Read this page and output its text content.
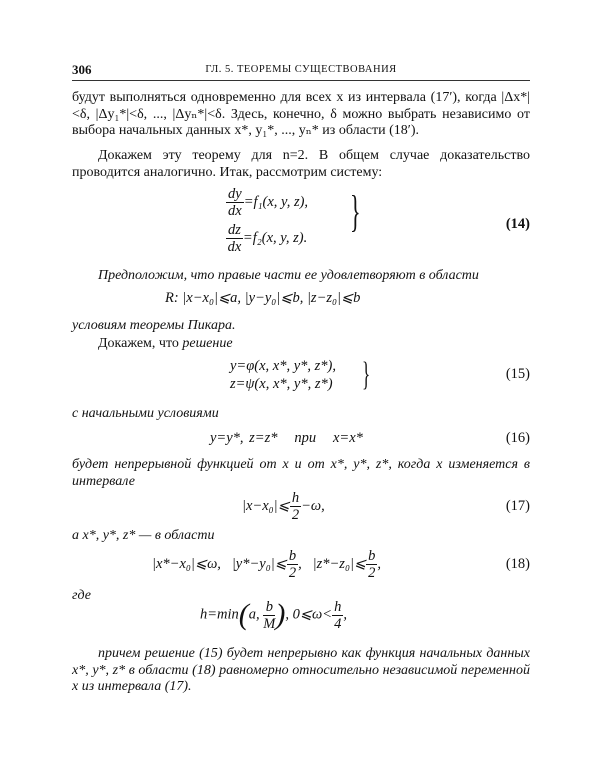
306	ГЛ. 5. ТЕОРЕМЫ СУЩЕСТВОВАНИЯ

будут выполняться одновременно для всех x из интервала (17′), когда |Δx*|<δ, |Δy₁*|<δ, ..., |Δyₙ*|<δ. Здесь, конечно, δ можно выбрать независимо от выбора начальных данных x*, y₁*, ..., yₙ* из области (18′).

Докажем эту теорему для n=2. В общем случае доказательство проводится аналогично. Итак, рассмотрим систему:

$\frac{dy}{dx} =f_1(x$, y, z),
$\frac{dz}{dx} =f_2(x$, y, z).
}	(14)

Предположим, что правые части ее удовлетворяют в области

R: |x−x₀|⩽a, |y−y₀|⩽b, |z−z₀|⩽b

условиям теоремы Пикара.

Докажем, что решение

y=φ(x, x*, y*, z*),
z=ψ(x, x*, y*, z*) }	(15)

с начальными условиями

y=y*, z=z* при x=x*	(16)

будет непрерывной функцией от x и от x*, y*, z*, когда x изменяется в интервале

|x−x₀|⩽ $\frac{h}{2} -\omega$,	(17)

а x*, y*, z* — в области

|x*−x₀|⩽ω, |y*−y₀|⩽ $\frac{b}{2}$ , |z*−z₀|⩽ $\frac{b}{2}$ ,	(18)

где

h=min(a, $\frac{b}{M}$ ), 0⩽ω< $\frac{h}{4}$ ,

причем решение (15) будет непрерывно как функция начальных данных x*, y*, z* в области (18) равномерно относительно независимой переменной x из интервала (17).
